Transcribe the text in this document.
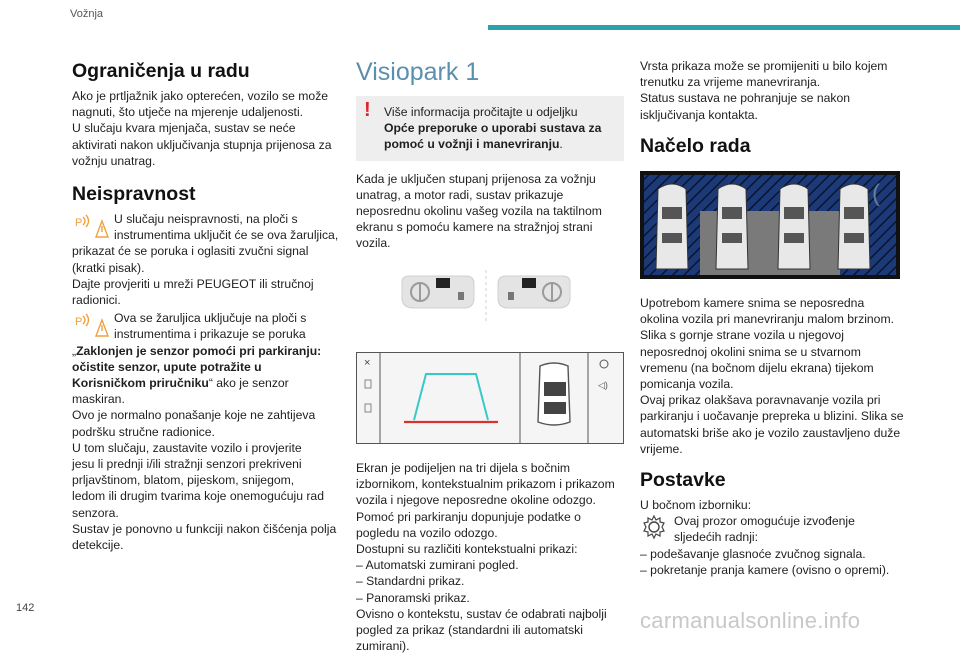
Vožnja
142	carmanualsonline.info
Ograničenja u radu

Ako je prtljažnik jako opterećen, vozilo se može
nagnuti, što utječe na mjerenje udaljenosti.
U slučaju kvara mjenjača, sustav se neće
aktivirati nakon uključivanja stupnja prijenosa za
vožnju unatrag.

Neispravnost
P	U slučaju neispravnosti, na ploči s
instrumentima uključit će se ova žaruljica,

prikazat će se poruka i oglasiti zvučni signal
(kratki pisak).
Dajte provjeriti u mreži PEUGEOT ili stručnoj
radionici.

P	Ova se žaruljica uključuje na ploči s
instrumentima i prikazuje se poruka

„Zaklonjen je senzor pomoći pri parkiranju:
očistite senzor, upute potražite u
Korisničkom priručniku“ ako je senzor
maskiran.
Ovo je normalno ponašanje koje ne zahtijeva
podršku stručne radionice.
U tom slučaju, zaustavite vozilo i provjerite
jesu li prednji i/ili stražnji senzori prekriveni
prljavštinom, blatom, pijeskom, snijegom,
ledom ili drugim tvarima koje onemogućuju rad
senzora.
Sustav je ponovno u funkciji nakon čišćenja polja
detekcije.

Visiopark 1
! Više informacija pročitajte u odjeljku
Opće preporuke o uporabi sustava za
pomoć u vožnji i manevriranju.

Kada je uključen stupanj prijenosa za vožnju
unatrag, a motor radi, sustav prikazuje
neposrednu okolinu vašeg vozila na taktilnom
ekranu s pomoću kamere na stražnjoj strani
vozila.

×
◁)

Ekran je podijeljen na tri dijela s bočnim
izbornikom, kontekstualnim prikazom i prikazom
vozila i njegove neposredne okoline odozgo.
Pomoć pri parkiranju dopunjuje podatke o
pogledu na vozilo odozgo.
Dostupni su različiti kontekstualni prikazi:
– Automatski zumirani pogled.
– Standardni prikaz.
– Panoramski prikaz.
Ovisno o kontekstu, sustav će odabrati najbolji
pogled za prikaz (standardni ili automatski
zumirani).

Vrsta prikaza može se promijeniti u bilo kojem
trenutku za vrijeme manevriranja.
Status sustava ne pohranjuje se nakon
isključivanja kontakta.

Načelo rada
(

Upotrebom kamere snima se neposredna
okolina vozila pri manevriranju malom brzinom.
Slika s gornje strane vozila u njegovoj
neposrednoj okolini snima se u stvarnom
vremenu (na bočnom dijelu ekrana) tijekom
pomicanja vozila.
Ovaj prikaz olakšava poravnavanje vozila pri
parkiranju i uočavanje prepreka u blizini. Slika se
automatski briše ako je vozilo zaustavljeno duže
vrijeme.

Postavke

U bočnom izborniku:

Ovaj prozor omogućuje izvođenje
sljedećih radnji:

– podešavanje glasnoće zvučnog signala.
– pokretanje pranja kamere (ovisno o opremi).
